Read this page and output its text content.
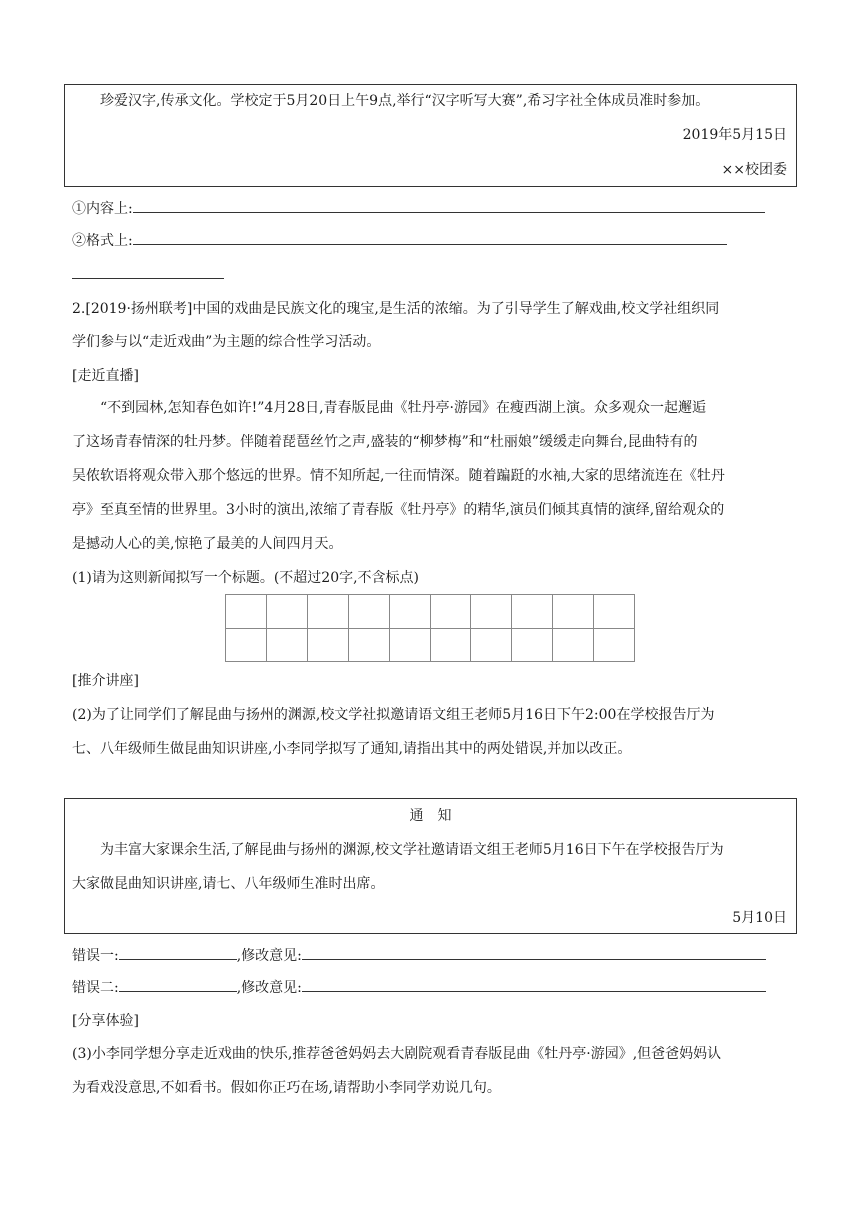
珍爱汉字,传承文化。学校定于5月20日上午9点,举行“汉字听写大赛”,希习字社全体成员准时参加。
2019年5月15日
××校团委
①内容上:
②格式上:
2.[2019·扬州联考]中国的戏曲是民族文化的瑰宝,是生活的浓缩。为了引导学生了解戏曲,校文学社组织同
学们参与以“走近戏曲”为主题的综合性学习活动。
[走近直播]
“不到园林,怎知春色如许!”4月28日,青春版昆曲《牡丹亭·游园》在瘦西湖上演。众多观众一起邂逅
了这场青春情深的牡丹梦。伴随着琵琶丝竹之声,盛装的“柳梦梅”和“杜丽娘”缓缓走向舞台,昆曲特有的
吴侬软语将观众带入那个悠远的世界。情不知所起,一往而情深。随着蹁跹的水袖,大家的思绪流连在《牡丹
亭》至真至情的世界里。3小时的演出,浓缩了青春版《牡丹亭》的精华,演员们倾其真情的演绎,留给观众的
是撼动人心的美,惊艳了最美的人间四月天。
(1)请为这则新闻拟写一个标题。(不超过20字,不含标点)
[推介讲座]
(2)为了让同学们了解昆曲与扬州的渊源,校文学社拟邀请语文组王老师5月16日下午2:00在学校报告厅为
七、八年级师生做昆曲知识讲座,小李同学拟写了通知,请指出其中的两处错误,并加以改正。
通　知
为丰富大家课余生活,了解昆曲与扬州的渊源,校文学社邀请语文组王老师5月16日下午在学校报告厅为
大家做昆曲知识讲座,请七、八年级师生准时出席。
5月10日
错误一:	,修改意见:
错误二:	,修改意见:
[分享体验]
(3)小李同学想分享走近戏曲的快乐,推荐爸爸妈妈去大剧院观看青春版昆曲《牡丹亭·游园》,但爸爸妈妈认
为看戏没意思,不如看书。假如你正巧在场,请帮助小李同学劝说几句。
